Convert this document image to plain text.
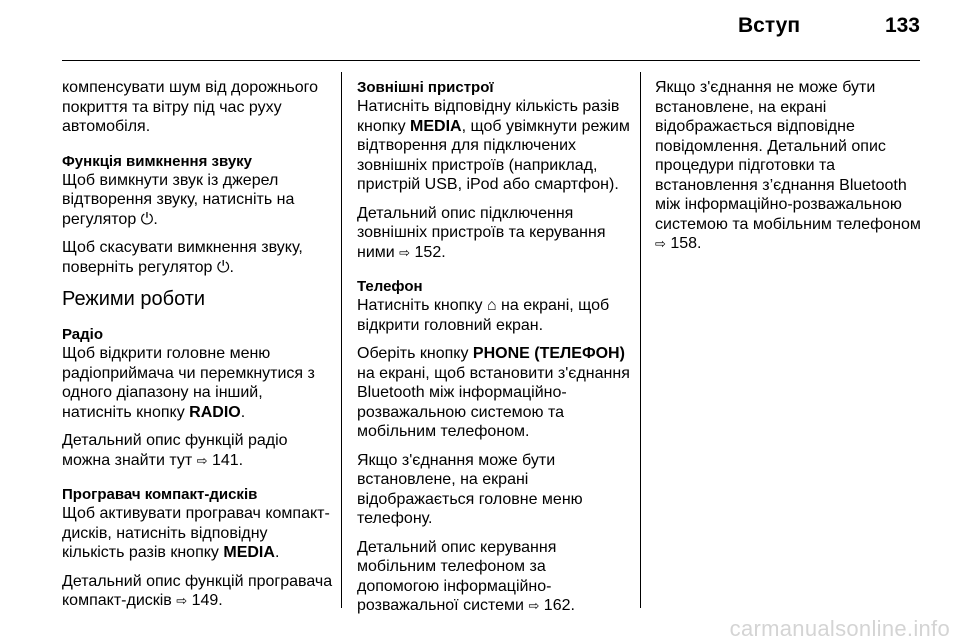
Вступ	133

компенсувати шум від дорожнього покриття та вітру під час руху автомобіля.

Функція вимкнення звуку

Щоб вимкнути звук із джерел відтворення звуку, натисніть на регулятор ⏻.

Щоб скасувати вимкнення звуку, поверніть регулятор ⏻.

Режими роботи
Радіо

Щоб відкрити головне меню радіоприймача чи перемкнутися з одного діапазону на інший, натисніть кнопку RADIO.

Детальний опис функцій радіо можна знайти тут ⇨ 141.

Програвач компакт-дисків

Щоб активувати програвач компакт-дисків, натисніть відповідну кількість разів кнопку MEDIA.

Детальний опис функцій програвача компакт-дисків ⇨ 149.

Зовнішні пристрої

Натисніть відповідну кількість разів кнопку MEDIA, щоб увімкнути режим відтворення для підключених зовнішніх пристроїв (наприклад, пристрій USB, iPod або смартфон).

Детальний опис підключення зовнішніх пристроїв та керування ними ⇨ 152.

Телефон

Натисніть кнопку ⌂ на екрані, щоб відкрити головний екран.

Оберіть кнопку PHONE (ТЕЛЕФОН) на екрані, щоб встановити з'єднання Bluetooth між інформаційно-розважальною системою та мобільним телефоном.

Якщо з'єднання може бути встановлене, на екрані відображається головне меню телефону.

Детальний опис керування мобільним телефоном за допомогою інформаційно-розважальної системи ⇨ 162.

Якщо з'єднання не може бути встановлене, на екрані відображається відповідне повідомлення. Детальний опис процедури підготовки та встановлення з’єднання Bluetooth між інформаційно-розважальною системою та мобільним телефоном ⇨ 158.

carmanualsonline.info
